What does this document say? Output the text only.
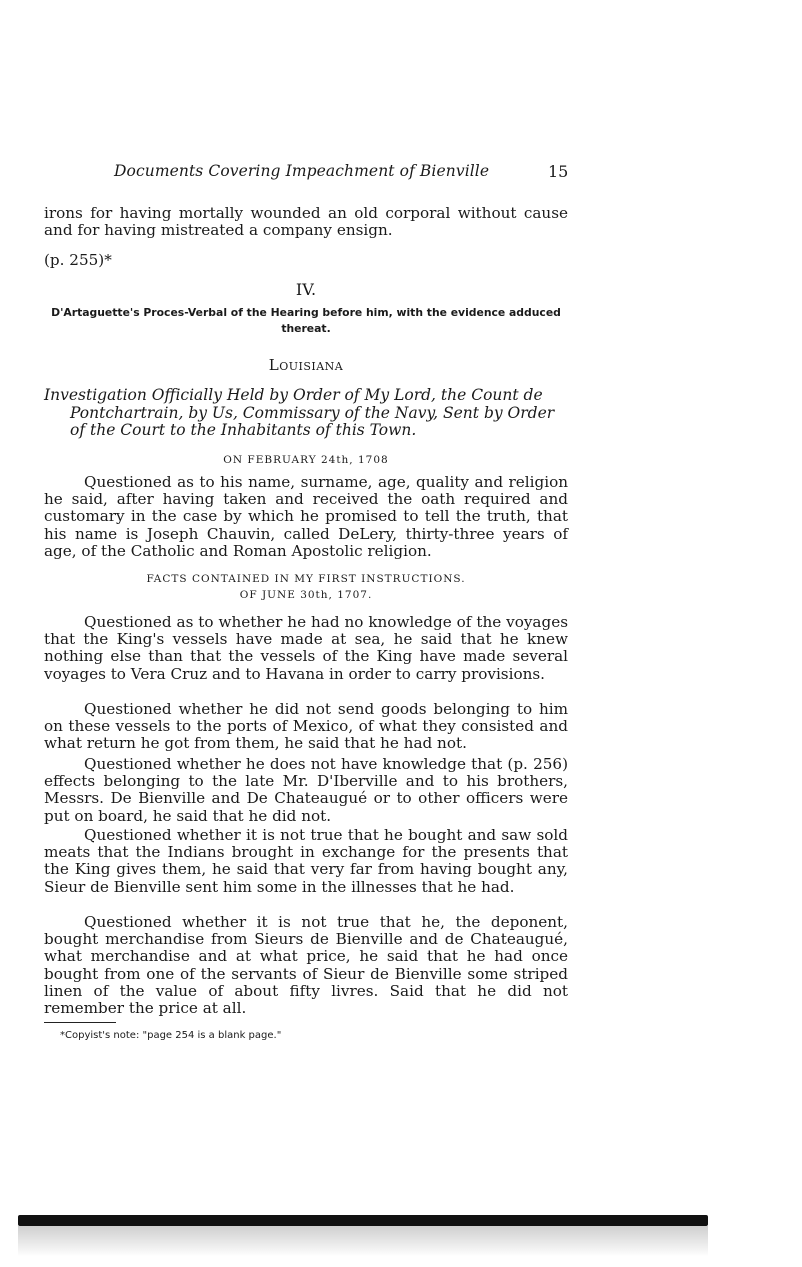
Documents Covering Impeachment of Bienville	15
irons for having mortally wounded an old corporal without cause and for having mistreated a company ensign.
(p. 255)*
IV.
D'Artaguette's Proces-Verbal of the Hearing before him, with the evidence adduced thereat.
Louisiana
Investigation Officially Held by Order of My Lord, the Count de
Pontchartrain, by Us, Commissary of the Navy, Sent by Order
of the Court to the Inhabitants of this Town.
ON FEBRUARY 24th, 1708
Questioned as to his name, surname, age, quality and religion he said, after having taken and received the oath required and customary in the case by which he promised to tell the truth, that his name is Joseph Chauvin, called DeLery, thirty-three years of age, of the Catholic and Roman Apostolic religion.
FACTS CONTAINED IN MY FIRST INSTRUCTIONS.
OF JUNE 30th, 1707.
Questioned as to whether he had no knowledge of the voyages that the King's vessels have made at sea, he said that he knew nothing else than that the vessels of the King have made several voyages to Vera Cruz and to Havana in order to carry provisions.
Questioned whether he did not send goods belonging to him on these vessels to the ports of Mexico, of what they consisted and what return he got from them, he said that he had not.
Questioned whether he does not have knowledge that (p. 256) effects belonging to the late Mr. D'Iberville and to his brothers, Messrs. De Bienville and De Chateaugué or to other officers were put on board, he said that he did not.
Questioned whether it is not true that he bought and saw sold meats that the Indians brought in exchange for the presents that the King gives them, he said that very far from having bought any, Sieur de Bienville sent him some in the illnesses that he had.
Questioned whether it is not true that he, the deponent, bought merchandise from Sieurs de Bienville and de Chateaugué, what merchandise and at what price, he said that he had once bought from one of the servants of Sieur de Bienville some striped linen of the value of about fifty livres. Said that he did not remember the price at all.
*Copyist's note: "page 254 is a blank page."
